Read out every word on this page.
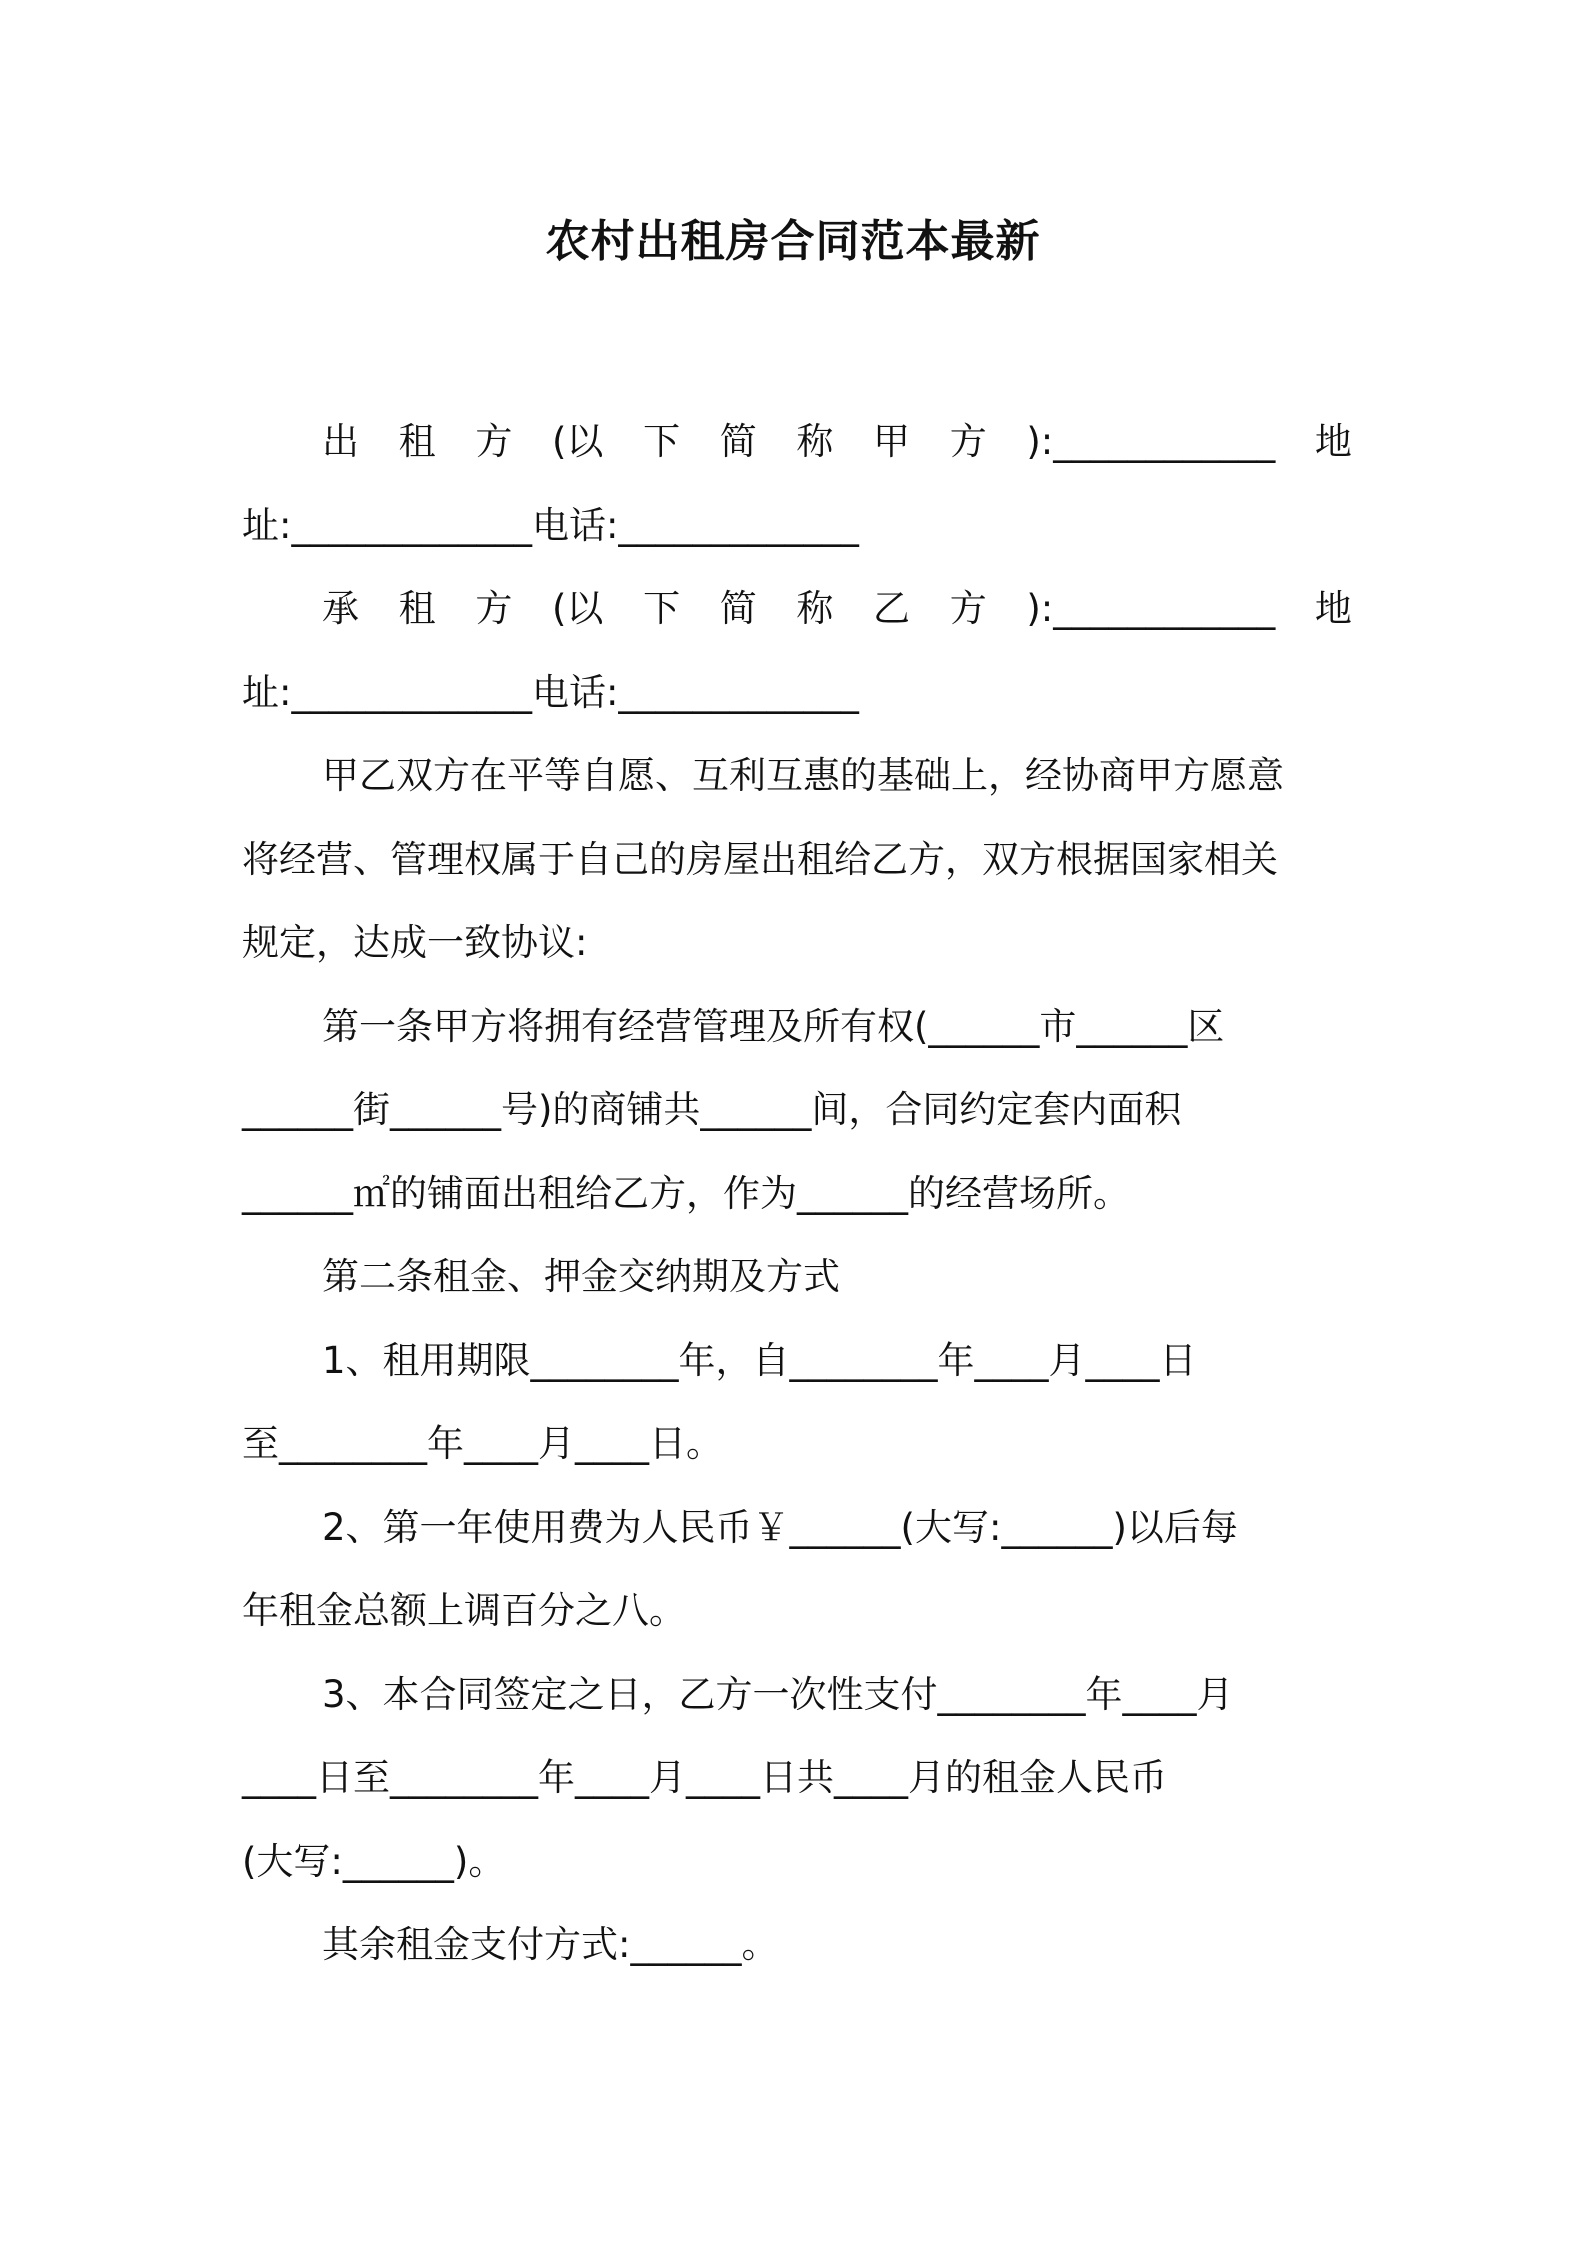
农村出租房合同范本最新
出 租 方 (以 下 简 称 甲 方 ):____________ 地
址:_____________电话:_____________
承 租 方 (以 下 简 称 乙 方 ):____________ 地
址:_____________电话:_____________
甲乙双方在平等自愿、互利互惠的基础上，经协商甲方愿意
将经营、管理权属于自己的房屋出租给乙方，双方根据国家相关
规定，达成一致协议:
第一条甲方将拥有经营管理及所有权(______市______区
______街______号)的商铺共______间，合同约定套内面积
______㎡的铺面出租给乙方，作为______的经营场所。
第二条租金、押金交纳期及方式
1、租用期限________年，自________年____月____日
至________年____月____日。
2、第一年使用费为人民币￥______(大写:______)以后每
年租金总额上调百分之八。
3、本合同签定之日，乙方一次性支付________年____月
____日至________年____月____日共____月的租金人民币
(大写:______)。
其余租金支付方式:______。
